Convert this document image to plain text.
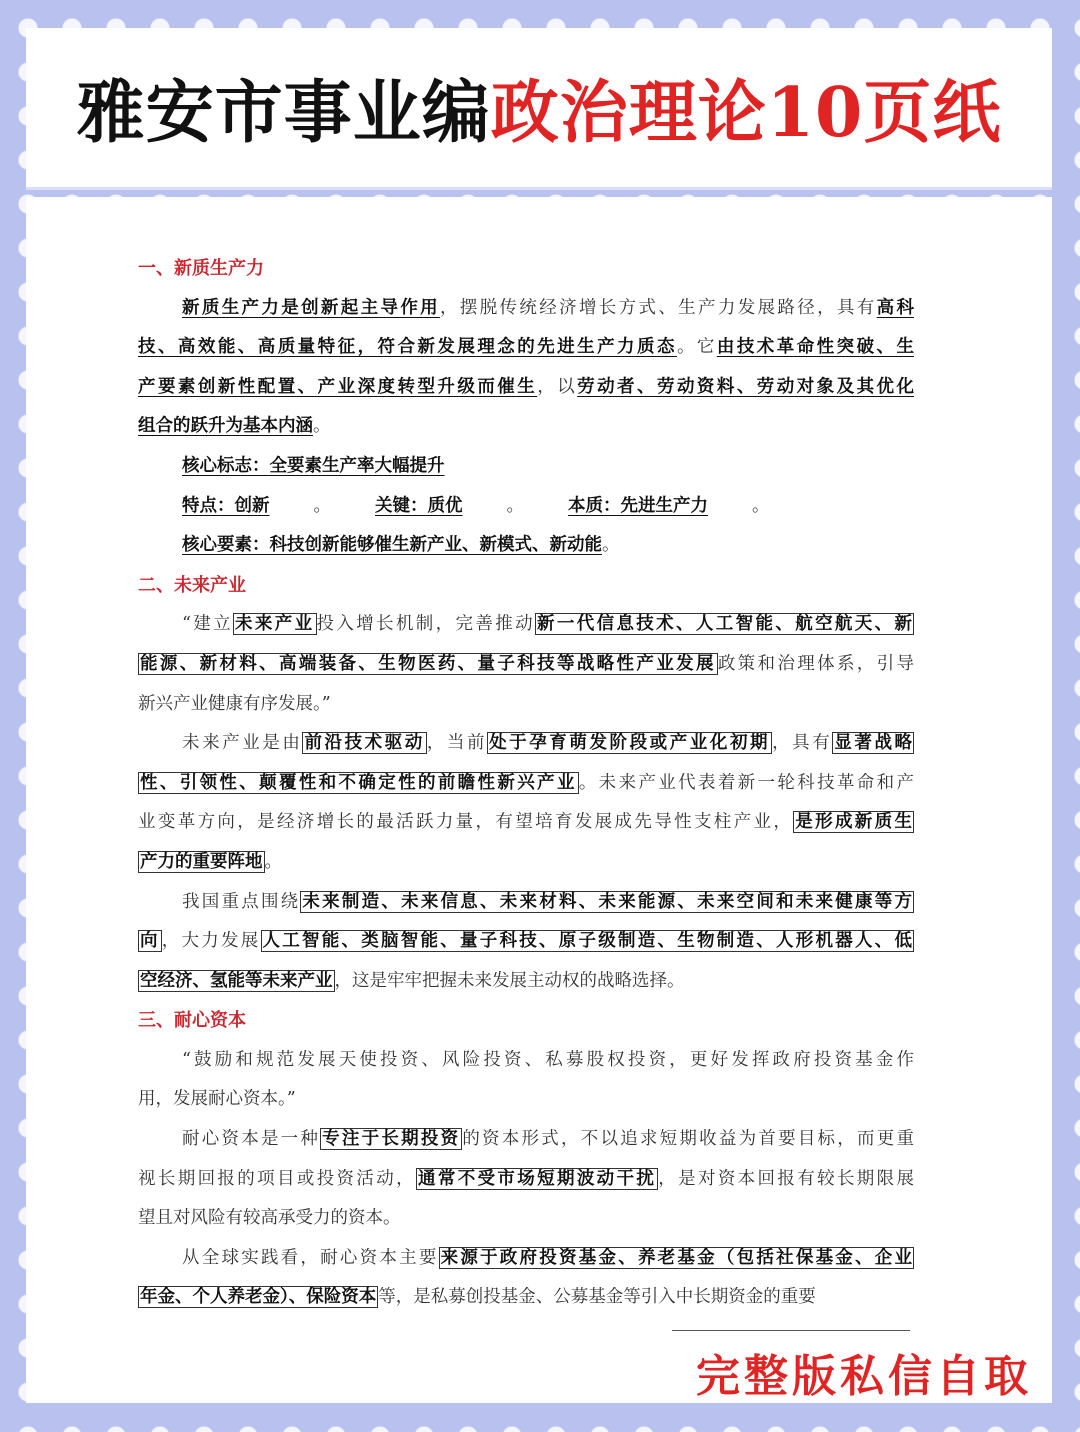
雅安市事业编政治理论10页纸
一、新质生产力
新质生产力是创新起主导作用，摆脱传统经济增长方式、生产力发展路径，具有高科
技、高效能、高质量特征，符合新发展理念的先进生产力质态。它由技术革命性突破、生
产要素创新性配置、产业深度转型升级而催生，以劳动者、劳动资料、劳动对象及其优化
组合的跃升为基本内涵。
核心标志：全要素生产率大幅提升
特点：创新	。	关键：质优	。	本质：先进生产力	。
核心要素：科技创新能够催生新产业、新模式、新动能。
二、未来产业
“建立 未来产业 投入增长机制，完善推动 新一代信息技术、人工智能、航空航天、新
能源、新材料、高端装备、生物医药、量子科技等战略性产业发展 政策和治理体系，引导
新兴产业健康有序发展。”
未来产业是由 前沿技术驱动 ，当前 处于孕育萌发阶段或产业化初期 ，具有 显著战略
性、引领性、颠覆性和不确定性的前瞻性新兴产业 。未来产业代表着新一轮科技革命和产
业变革方向，是经济增长的最活跃力量，有望培育发展成先导性支柱产业， 是形成新质生
产力的重要阵地 。
我国重点围绕 未来制造、未来信息、未来材料、未来能源、未来空间和未来健康等方
向 ，大力发展 人工智能、类脑智能、量子科技、原子级制造、生物制造、人形机器人、低
空经济、氢能等未来产业 ，这是牢牢把握未来发展主动权的战略选择。
三、耐心资本
“鼓励和规范发展天使投资、风险投资、私募股权投资，更好发挥政府投资基金作
用，发展耐心资本。”
耐心资本是一种 专注于长期投资 的资本形式，不以追求短期收益为首要目标，而更重
视长期回报的项目或投资活动， 通常不受市场短期波动干扰 ，是对资本回报有较长期限展
望且对风险有较高承受力的资本。
从全球实践看，耐心资本主要 来源于政府投资基金、养老基金（包括社保基金、企业
年金、个人养老金）、保险资本 等，是私募创投基金、公募基金等引入中长期资金的重要
完整版私信自取
